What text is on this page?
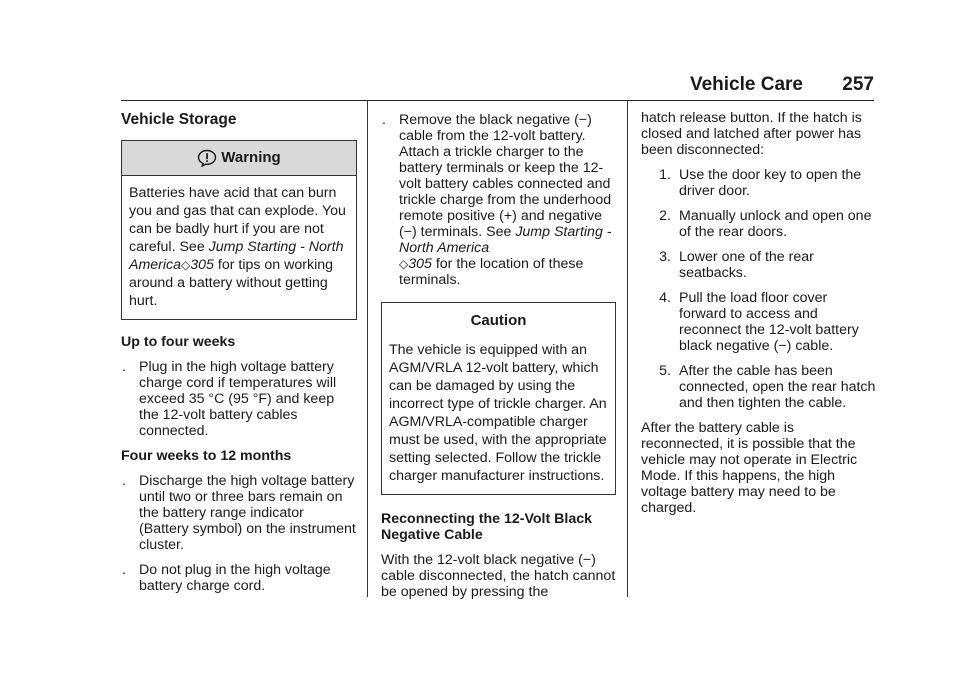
Vehicle Care 257
Vehicle Storage
Warning
Batteries have acid that can burn you and gas that can explode. You can be badly hurt if you are not careful. See Jump Starting - North America◇305 for tips on working around a battery without getting hurt.
Up to four weeks
. Plug in the high voltage battery charge cord if temperatures will exceed 35 °C (95 °F) and keep the 12-volt battery cables connected.
Four weeks to 12 months
. Discharge the high voltage battery until two or three bars remain on the battery range indicator (Battery symbol) on the instrument cluster.
. Do not plug in the high voltage battery charge cord.
. Remove the black negative (−) cable from the 12-volt battery. Attach a trickle charger to the battery terminals or keep the 12-volt battery cables connected and trickle charge from the underhood remote positive (+) and negative (−) terminals. See Jump Starting - North America
◇305 for the location of these terminals.
Caution
The vehicle is equipped with an AGM/VRLA 12-volt battery, which can be damaged by using the incorrect type of trickle charger. An AGM/VRLA-compatible charger must be used, with the appropriate setting selected. Follow the trickle charger manufacturer instructions.
Reconnecting the 12-Volt Black Negative Cable

With the 12-volt black negative (−) cable disconnected, the hatch cannot be opened by pressing the

hatch release button. If the hatch is closed and latched after power has been disconnected:

1. Use the door key to open the driver door.
2. Manually unlock and open one of the rear doors.
3. Lower one of the rear seatbacks.
4. Pull the load floor cover forward to access and reconnect the 12-volt battery black negative (−) cable.
5. After the cable has been connected, open the rear hatch and then tighten the cable.

After the battery cable is reconnected, it is possible that the vehicle may not operate in Electric Mode. If this happens, the high voltage battery may need to be charged.
